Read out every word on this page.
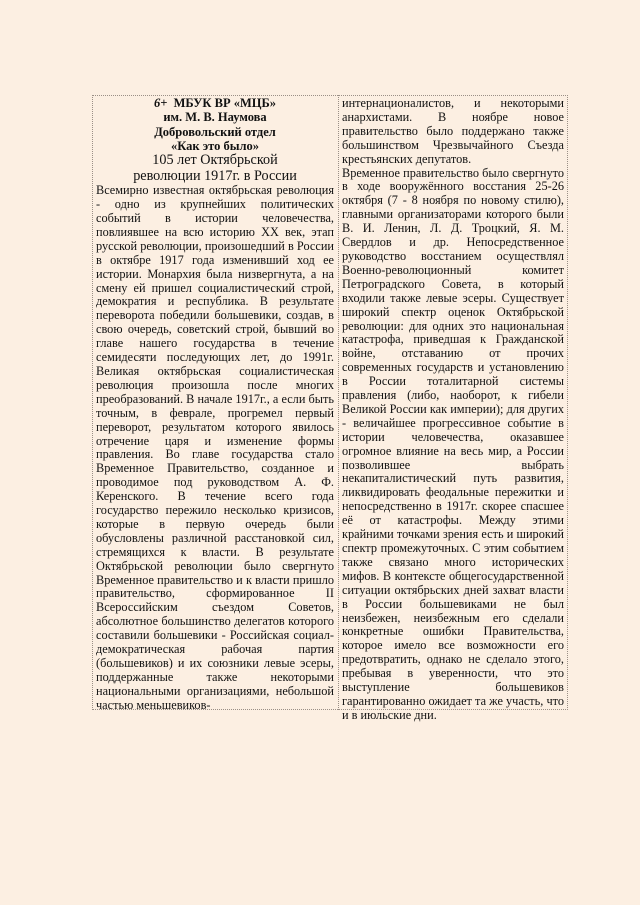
6+ МБУК ВР «МЦБ»
им. М. В. Наумова
Добровольский отдел
«Как это было»
105 лет Октябрьской
революции 1917г. в России

Всемирно известная октябрьская революция - одно из крупнейших политических событий в истории человечества, повлиявшее на всю историю XX век, этап русской революции, произошедший в России в октябре 1917 года изменивший ход ее истории. Монархия была низвергнута, а на смену ей пришел социалистический строй, демократия и республика. В результате переворота победили большевики, создав, в свою очередь, советский строй, бывший во главе нашего государства в течение семидесяти последующих лет, до 1991г. Великая октябрьская социалистическая революция произошла после многих преобразований. В начале 1917г., а если быть точным, в феврале, прогремел первый переворот, результатом которого явилось отречение царя и изменение формы правления. Во главе государства стало Временное Правительство, созданное и проводимое под руководством А. Ф. Керенского. В течение всего года государство пережило несколько кризисов, которые в первую очередь были обусловлены различной расстановкой сил, стремящихся к власти. В результате Октябрьской революции было свергнуто Временное правительство и к власти пришло правительство, сформированное II Всероссийским съездом Советов, абсолютное большинство делегатов которого составили большевики - Российская социал-демократическая рабочая партия (большевиков) и их союзники левые эсеры, поддержанные также некоторыми национальными организациями, небольшой частью меньшевиков-

интернационалистов, и некоторыми анархистами. В ноябре новое правительство было поддержано также большинством Чрезвычайного Съезда крестьянских депутатов.

Временное правительство было свергнуто в ходе вооружённого восстания 25-26 октября (7 - 8 ноября по новому стилю), главными организаторами которого были В. И. Ленин, Л. Д. Троцкий, Я. М. Свердлов и др. Непосредственное руководство восстанием осуществлял Военно-революционный комитет Петроградского Совета, в который входили также левые эсеры. Существует широкий спектр оценок Октябрьской революции: для одних это национальная катастрофа, приведшая к Гражданской войне, отставанию от прочих современных государств и установлению в России тоталитарной системы правления (либо, наоборот, к гибели Великой России как империи); для других - величайшее прогрессивное событие в истории человечества, оказавшее огромное влияние на весь мир, а России позволившее выбрать некапиталистический путь развития, ликвидировать феодальные пережитки и непосредственно в 1917г. скорее спасшее её от катастрофы. Между этими крайними точками зрения есть и широкий спектр промежуточных. С этим событием также связано много исторических мифов. В контексте общегосударственной ситуации октябрьских дней захват власти в России большевиками не был неизбежен, неизбежным его сделали конкретные ошибки Правительства, которое имело все возможности его предотвратить, однако не сделало этого, пребывая в уверенности, что это выступление большевиков гарантированно ожидает та же участь, что и в июльские дни.
